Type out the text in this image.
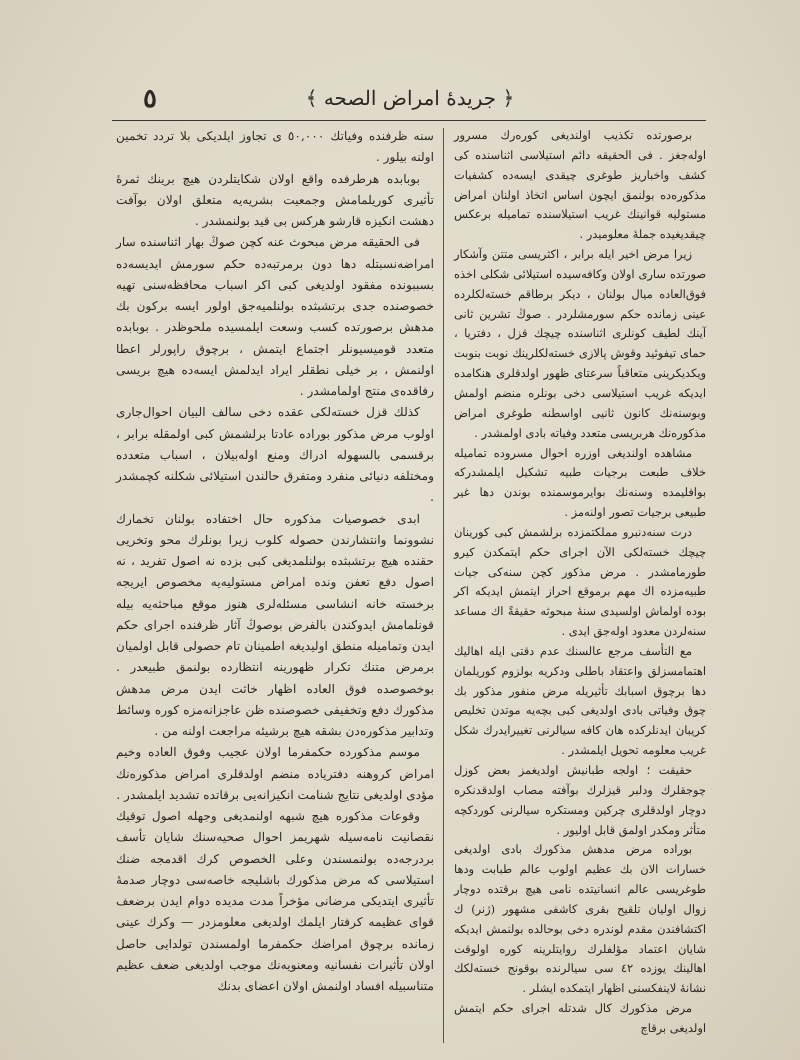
٥	﴿ جريدهٔ امراض الصحه ﴾

برصورتده تكذيب اولنديغى كوره‌رك مسرور اوله‌جغز . فى الحقيقه دائم استيلاسى اثناسنده كى كشف واخباريز طوغرى چيقدى ايسه‌ده كشفيات مذكوره‌ده بولنمق ايچون اساس اتخاذ اولنان امراض مستوليه قوانينك غريب استيلاسنده تماميله برعكس چيقديغيده جملهٔ معلوميدر .

زيرا مرض اخير ايله برابر ، اكثريسى متتن وآشكار صورتده سارى اولان وكافه‌سيده استيلائى شكلى اخذه فوق‌العاده ميال بولنان ، ديكر برطاقم خسته‌لكلرده عينى زمانده حكم سورمشلردر . صوڭ تشرين ثانى آينك لطيف كونلرى اثناسنده چيچك قزل ، دفتريا ، حماى تيفوئيد وقوش پالازى خسته‌لكلرينك نوبت بنوبت ويكديكرينى متعاقباً سرعتاى ظهور اولدقلرى هنكامده ايديكه غريب استيلاسى دخى بونلره منضم اولمش وبوسنه‌نك كانون ثانيى اواسطنه طوغرى امراض مذكوره‌نك هربريسى متعدد وفياته بادى اولمشدر .

مشاهده اولنديغى اوزره احوال مسروده تماميله خلاف طبعت برجيات طبيه تشكيل ايلمشدركه بوافليمده وسنه‌نك بوايرموسمنده بوندن دها غير طبيعى برجيات تصور اولنه‌مز .

درت سنه‌دنبرو مملكتمزده برلشمش كبى كورينان چيچك خسته‌لكى الآن اجراى حكم ايتمكدن كيرو طورمامشدر . مرض مذكور كچن سنه‌كى جيات طبيه‌مزده اك مهم برموقع احراز ايتمش ايديكه اكر بوده اولماش اولسيدى سنهٔ مبحوثه حقيقةً اك مساعد سنه‌لردن معدود اوله‌جق ايدى .

مع التأسف مرجع عالسنك عدم دقتى ايله اهاليك اهتمامسزلق واعتقاد باطلى ودكريه بولزوم كوريلمان دها برچوق اسبابك تأثيريله مرض منفور مذكور بك چوق وفياتى بادى اولديغى كبى بچه‌يه موتدن تخليص كريبان ايدنلركده هان كافه سيالرنى تغييرايدرك شكل غريب معلومه تحويل ايلمشدر .

حقيقت ؛ اولجه طبانيش اولديغمز بعض كوزل چوجقلرك ودلبر قيزلرك بوآفته مصاب اولدقدنكره دوچار اولدقلرى چركين ومستكره سيالرنى كوردكچه متأثر ومكدر اولمق قابل اوليور .

بوراده مرض مدهش مذكورك بادى اولديغى خسارات الان بك عظيم اولوب عالم طبابت ودها طوغريسى عالم انسانيتده نامى هيچ برقتده دوچار زوال اوليان تلقيح بقرى كاشفى مشهور (ژنر) ك اكتشافندن مقدم لوندره دخى بوحالده بولنمش ايديكه شايان اعتماد مؤلفلرك روايتلرينه كوره اولوقت اهالينك يوزده ٤٢ سى سيالرنده بوقونج خسته‌لكك نشانهٔ لاينفكسنى اظهار ايتمكده ايشلر .

مرض مذكورك كال شدتله اجراى حكم ايتمش اولديغى برقاچ

سنه ظرفنده وفياتك ٥٠,٠٠٠ ى تجاوز ايلديكى بلا تردد تخمين اولنه بيلور .

بوبابده هرطرفده واقع اولان شكايتلردن هيچ برينك ثمرهٔ تأثيرى كوريلمامش وجمعيت بشريه‌يه متعلق اولان بوآفت دهشت انكيزه قارشو هركس بى قيد بولنمشدر .

فى الحقيقه مرض مبحوث عنه كچن صوڭ بهار اثناسنده سار امراضه‌نسبتله دها دون برمرتبه‌ده حكم سورمش ايديسه‌ده بسببونده مفقود اولديغى كبى اكر اسباب محافظه‌سنى تهيه خصوصنده جدى برتشبثده بولنلميه‌جق اولور ايسه بركون بك مدهش برصورتده كسب وسعت ايلمسيده ملحوظدر . بوبابده متعدد قوميسيونلر اجتماع ايتمش ، برچوق راپورلر اعطا اولنمش ، بر خيلى نطقلر ايراد ايدلمش ايسه‌ده هيچ بريسى رفاقده‌ى منتج اولمامشدر .

كذلك قزل خسته‌لكى عقده دخى سالف البيان احوال‌جارى اولوب مرض مذكور بوراده عادتا برلشمش كبى اولمقله برابر ، برقسمى بالسهوله ادراك ومنع اوله‌بيلان ، اسباب متعدده ومختلفه دنيائى منفرد ومتفرق حالندن استيلائى شكلنه كچمشدر .

ابدى خصوصيات مذكوره حال اختفاده بولنان تخمارك نشوونما وانتشارندن حصوله كلوب زيرا بونلرك محو وتخريى حقنده هيچ برتشبثده بولنلمديغى كبى بزده نه اصول تفريد ، نه اصول دفع تعفن ونده امراض مستوليه‌يه مخصوص ايريجه برخسته خانه انشاسى مسئله‌لرى هنوز موقع مباحثه‌يه بيله قونلمامش ايدوكندن بالفرض بوصوڭ آثار ظرفنده اجراى حكم ايدن وتماميله منطق اوليديغه اطمينان تام حصولى قابل اولميان برمرض متنك تكرار ظهورينه انتظارده بولنمق طبيعدر . بوخصوصده فوق العاده اظهار خاثت ايدن مرض مدهش مذكورك دفع وتخفيفى خصوصنده ظن عاجزانه‌مزه كوره وسائط وتدابير مذكوره‌دن بشقه هيچ برشيئه مراجعت اولنه من .

موسم مذكورده حكمفرما اولان عجيب وفوق العاده وخيم امراض كروهنه دفتريا‌ده منضم اولدقلرى امراض مذكوره‌نك مؤدى اولديغى نتايج شنامت انكيزانه‌يى برقاتده تشديد ايلمشدر .

وقوعات مذكوره هيچ شبهه اولنمديغى وجهله اصول توقيك نقصانيت نامه‌سيله شهريمز احوال صحيه‌سنك شايان تأسف بردرجه‌ده بولنمسندن وعلى الخصوص كرك اقدمجه ضنك استيلاسى كه مرض مذكورك باشليجه خاصه‌سى دوچار صدمهٔ تأثيرى ايتديكى مرضانى مؤخراً مدت مديده دوام ايدن برضعف قواى عظيمه كرفتار ايلمك اولديغى معلومزدر — وكرك عينى زمانده برچوق امراضك حكمفرما اولمسندن تولدايى حاصل اولان تأثيرات نفسانيه ومعنويه‌نك موجب اولديغى ضعف عظيم متناسبيله افساد اولنمش اولان اعضاى بدنك
